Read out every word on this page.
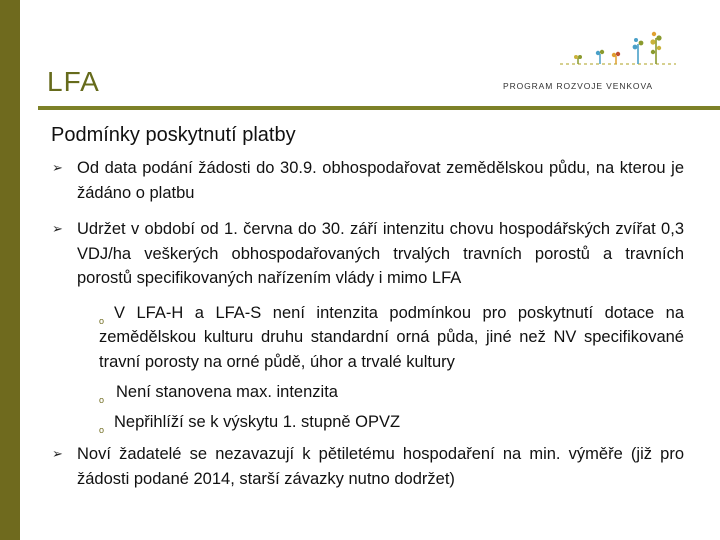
LFA	PROGRAM ROZVOJE VENKOVA
Podmínky poskytnutí platby
➢ Od data podání žádosti do 30.9. obhospodařovat zemědělskou půdu, na kterou je žádáno o platbu
➢ Udržet v období od 1. června do 30. září intenzitu chovu hospodářských zvířat 0,3 VDJ/ha veškerých obhospodařovaných trvalých travních porostů a travních porostů specifikovaných nařízením vlády i mimo LFA
o V LFA-H a LFA-S není intenzita podmínkou pro poskytnutí dotace na zemědělskou kulturu druhu standardní orná půda, jiné než NV specifikované travní porosty na orné půdě, úhor a trvalé kultury
o Není stanovena max. intenzita
o Nepřihlíží se k výskytu 1. stupně OPVZ
➢ Noví žadatelé se nezavazují k pětiletému hospodaření na min. výměře (již pro žádosti podané 2014, starší závazky nutno dodržet)
